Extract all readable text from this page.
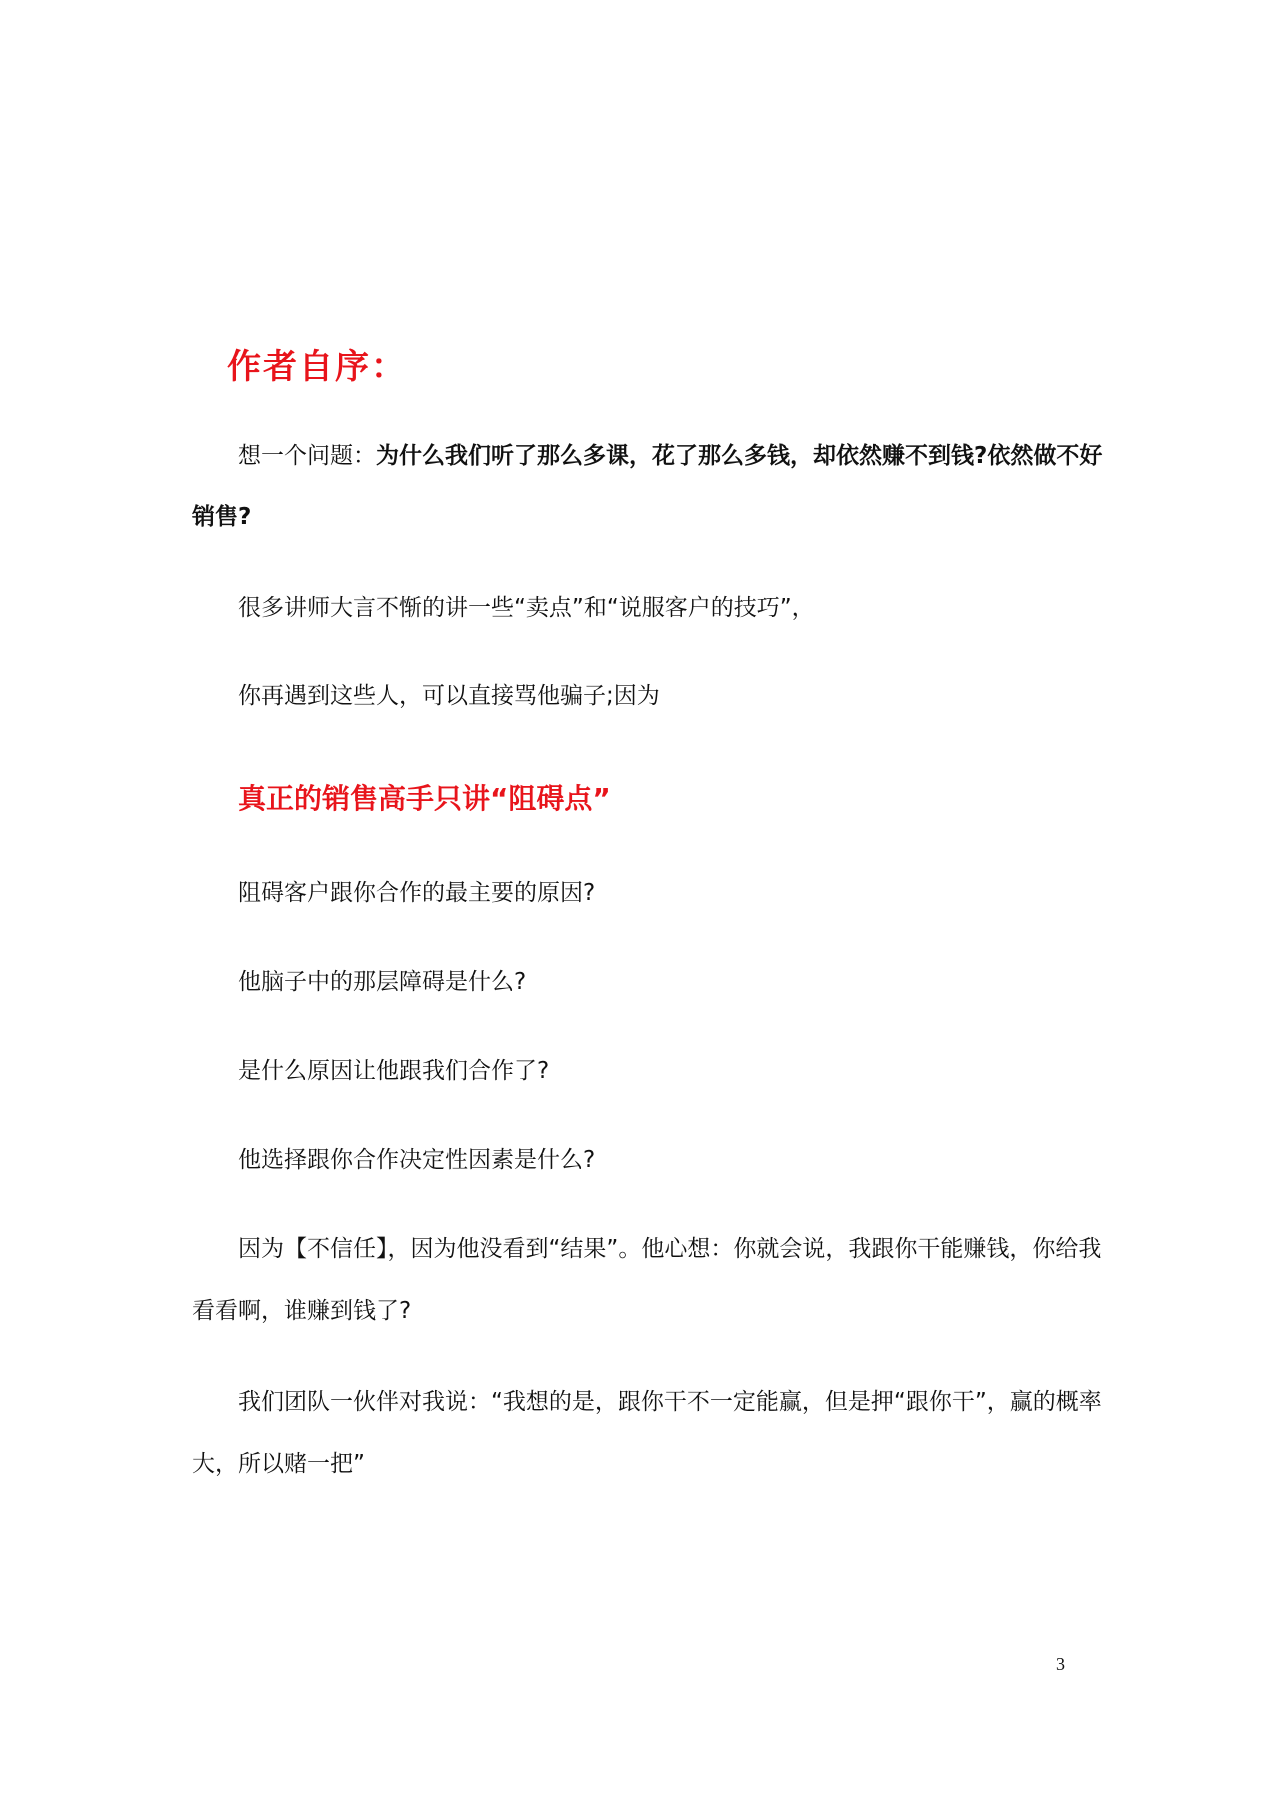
作者自序：
想一个问题：为什么我们听了那么多课，花了那么多钱，却依然赚不到钱?依然做不好
销售?
很多讲师大言不惭的讲一些“卖点”和“说服客户的技巧”，
你再遇到这些人，可以直接骂他骗子;因为
真正的销售高手只讲“阻碍点”
阻碍客户跟你合作的最主要的原因?
他脑子中的那层障碍是什么?
是什么原因让他跟我们合作了?
他选择跟你合作决定性因素是什么?
因为【不信任】，因为他没看到“结果”。他心想：你就会说，我跟你干能赚钱，你给我
看看啊，谁赚到钱了?
我们团队一伙伴对我说：“我想的是，跟你干不一定能赢，但是押“跟你干”，赢的概率
大，所以赌一把”
3
